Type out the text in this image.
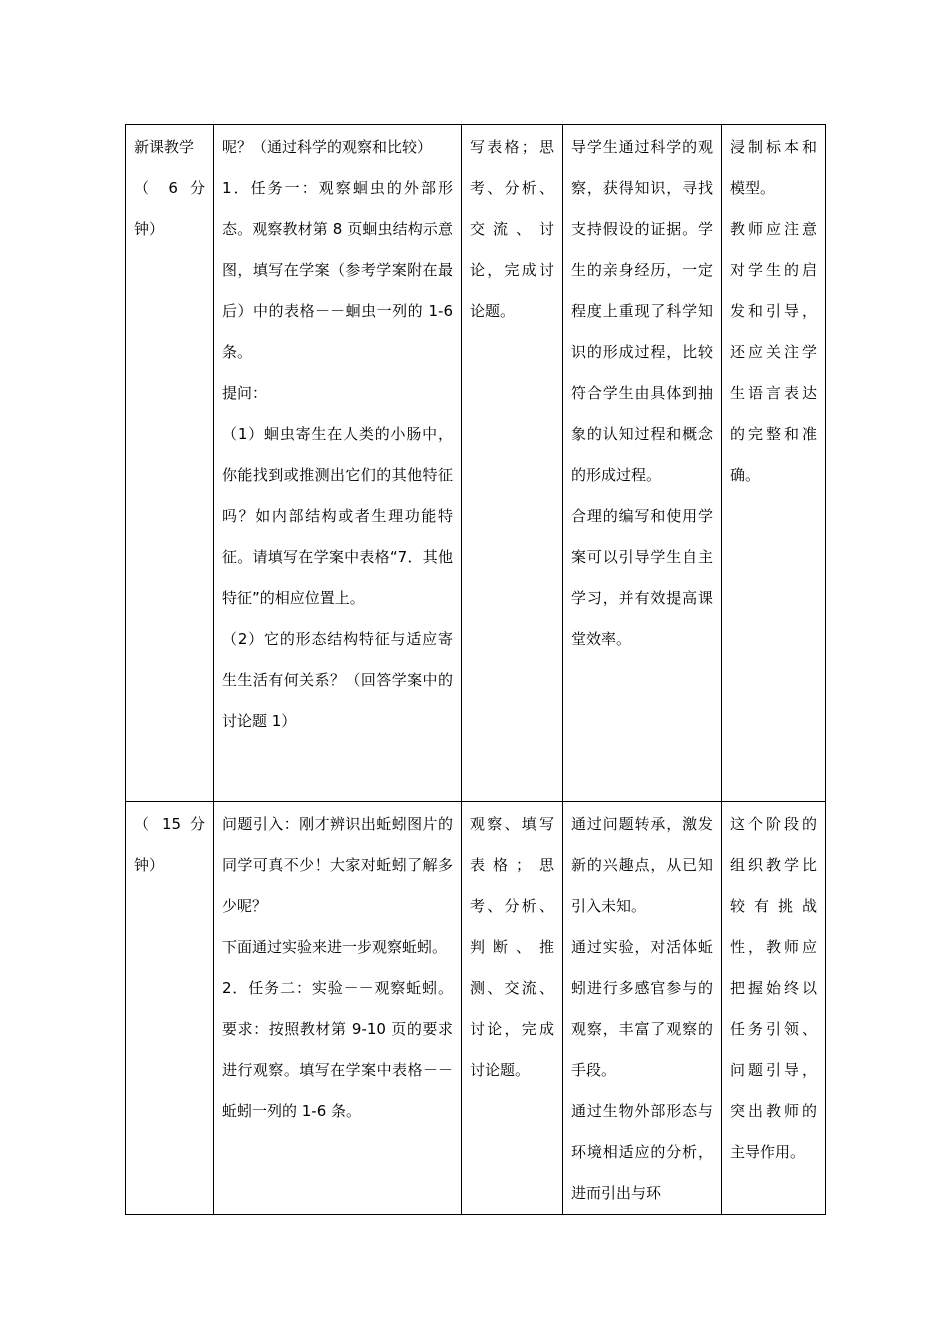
新课教学
（ 6 分
钟）	呢？（通过科学的观察和比较）
1．任务一：观察蛔虫的外部形态。观察教材第 8 页蛔虫结构示意图，填写在学案（参考学案附在最后）中的表格－－蛔虫一列的 1-6 条。
提问：
（1）蛔虫寄生在人类的小肠中，你能找到或推测出它们的其他特征吗？如内部结构或者生理功能特征。请填写在学案中表格“7．其他特征”的相应位置上。
（2）它的形态结构特征与适应寄生生活有何关系？（回答学案中的讨论题 1）	写表格；思考、分析、交流、讨论，完成讨论题。	导学生通过科学的观察，获得知识，寻找支持假设的证据。学生的亲身经历，一定程度上重现了科学知识的形成过程，比较符合学生由具体到抽象的认知过程和概念的形成过程。
合理的编写和使用学案可以引导学生自主学习，并有效提高课堂效率。	浸制标本和模型。
教师应注意对学生的启发和引导，还应关注学生语言表达的完整和准确。

（ 15 分
钟）	问题引入：刚才辨识出蚯蚓图片的同学可真不少！大家对蚯蚓了解多少呢？
下面通过实验来进一步观察蚯蚓。
2．任务二：实验－－观察蚯蚓。要求：按照教材第 9-10 页的要求进行观察。填写在学案中表格－－蚯蚓一列的 1-6 条。	观察、填写表格；思考、分析、判断、推测、交流、讨论，完成讨论题。	通过问题转承，激发新的兴趣点，从已知引入未知。
通过实验，对活体蚯蚓进行多感官参与的观察，丰富了观察的手段。
通过生物外部形态与环境相适应的分析，进而引出与环	这个阶段的组织教学比较有挑战性，教师应把握始终以任务引领、问题引导，突出教师的主导作用。
